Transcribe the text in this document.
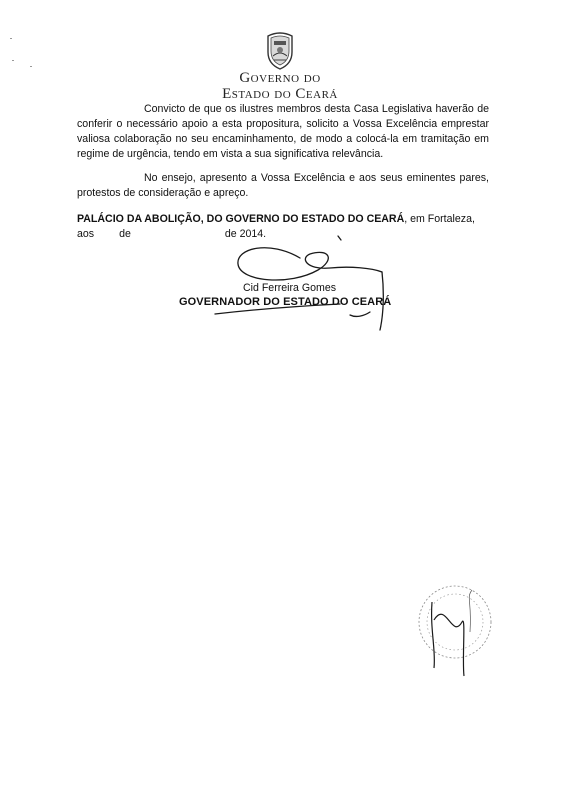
Governo do
Estado do Ceará

Convicto de que os ilustres membros desta Casa Legislativa haverão de conferir o necessário apoio a esta propositura, solicito a Vossa Excelência emprestar valiosa colaboração no seu encaminhamento, de modo a colocá-la em tramitação em regime de urgência, tendo em vista a sua significativa relevância.

No ensejo, apresento a Vossa Excelência e aos seus eminentes pares, protestos de consideração e apreço.

PALÁCIO DA ABOLIÇÃO, DO GOVERNO DO ESTADO DO CEARÁ, em Fortaleza,
aos de	de 2014.
Cid Ferreira Gomes
GOVERNADOR DO ESTADO DO CEARÁ
